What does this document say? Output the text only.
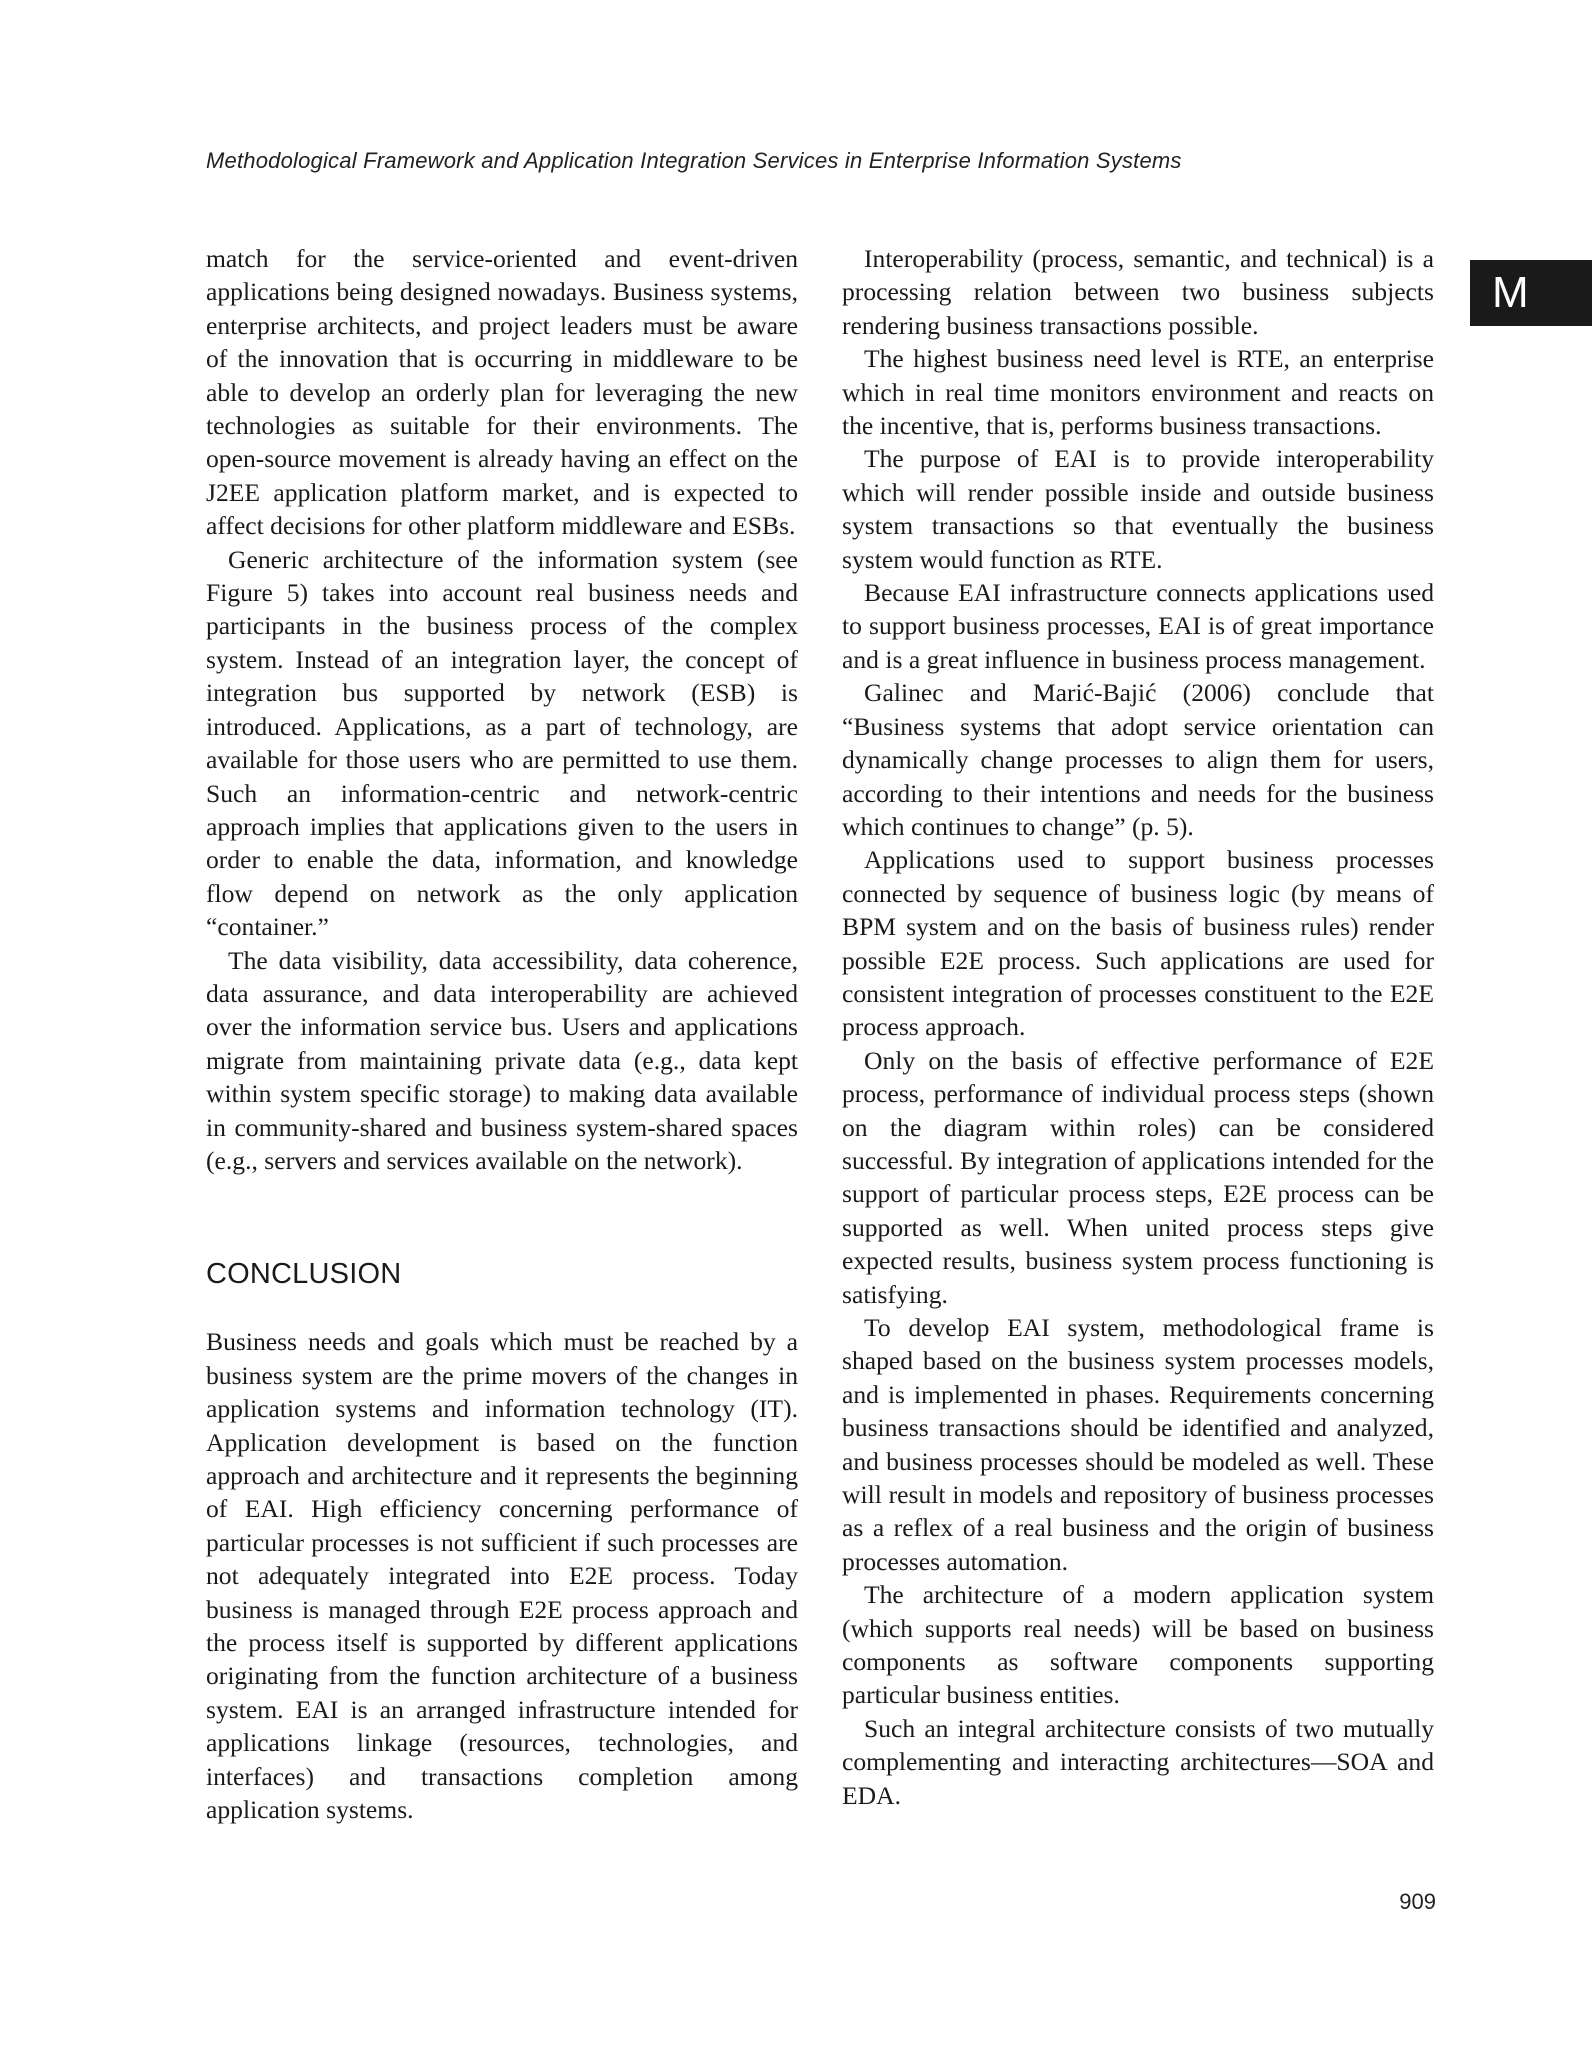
Methodological Framework and Application Integration Services in Enterprise Information Systems
M

match for the service-oriented and event-driven applications being designed nowadays. Business systems, enterprise architects, and project leaders must be aware of the innovation that is occurring in middleware to be able to develop an orderly plan for leveraging the new technologies as suitable for their environments. The open-source movement is already having an effect on the J2EE application platform market, and is expected to affect decisions for other platform middleware and ESBs.

Generic architecture of the information system (see Figure 5) takes into account real business needs and participants in the business process of the complex system. Instead of an integration layer, the concept of integration bus supported by network (ESB) is introduced. Applications, as a part of technology, are available for those users who are permitted to use them. Such an information-centric and network-centric approach implies that applications given to the users in order to enable the data, information, and knowledge flow depend on network as the only application “container.”

The data visibility, data accessibility, data coherence, data assurance, and data interoperability are achieved over the information service bus. Users and applications migrate from maintaining private data (e.g., data kept within system specific storage) to making data available in community-shared and business system-shared spaces (e.g., servers and services available on the network).

CONCLUSION

Business needs and goals which must be reached by a business system are the prime movers of the changes in application systems and information technology (IT). Application development is based on the function approach and architecture and it represents the beginning of EAI. High efficiency concerning performance of particular processes is not sufficient if such processes are not adequately integrated into E2E process. Today business is managed through E2E process approach and the process itself is supported by different applications originating from the function architecture of a business system. EAI is an arranged infrastructure intended for applications linkage (resources, technologies, and interfaces) and transactions completion among application systems.

Interoperability (process, semantic, and technical) is a processing relation between two business subjects rendering business transactions possible.

The highest business need level is RTE, an enterprise which in real time monitors environment and reacts on the incentive, that is, performs business transactions.

The purpose of EAI is to provide interoperability which will render possible inside and outside business system transactions so that eventually the business system would function as RTE.

Because EAI infrastructure connects applications used to support business processes, EAI is of great importance and is a great influence in business process management.

Galinec and Marić-Bajić (2006) conclude that “Business systems that adopt service orientation can dynamically change processes to align them for users, according to their intentions and needs for the business which continues to change” (p. 5).

Applications used to support business processes connected by sequence of business logic (by means of BPM system and on the basis of business rules) render possible E2E process. Such applications are used for consistent integration of processes constituent to the E2E process approach.

Only on the basis of effective performance of E2E process, performance of individual process steps (shown on the diagram within roles) can be considered successful. By integration of applications intended for the support of particular process steps, E2E process can be supported as well. When united process steps give expected results, business system process functioning is satisfying.

To develop EAI system, methodological frame is shaped based on the business system processes models, and is implemented in phases. Requirements concerning business transactions should be identified and analyzed, and business processes should be modeled as well. These will result in models and repository of business processes as a reflex of a real business and the origin of business processes automation.

The architecture of a modern application system (which supports real needs) will be based on business components as software components supporting particular business entities.

Such an integral architecture consists of two mutually complementing and interacting architectures—SOA and EDA.

909
